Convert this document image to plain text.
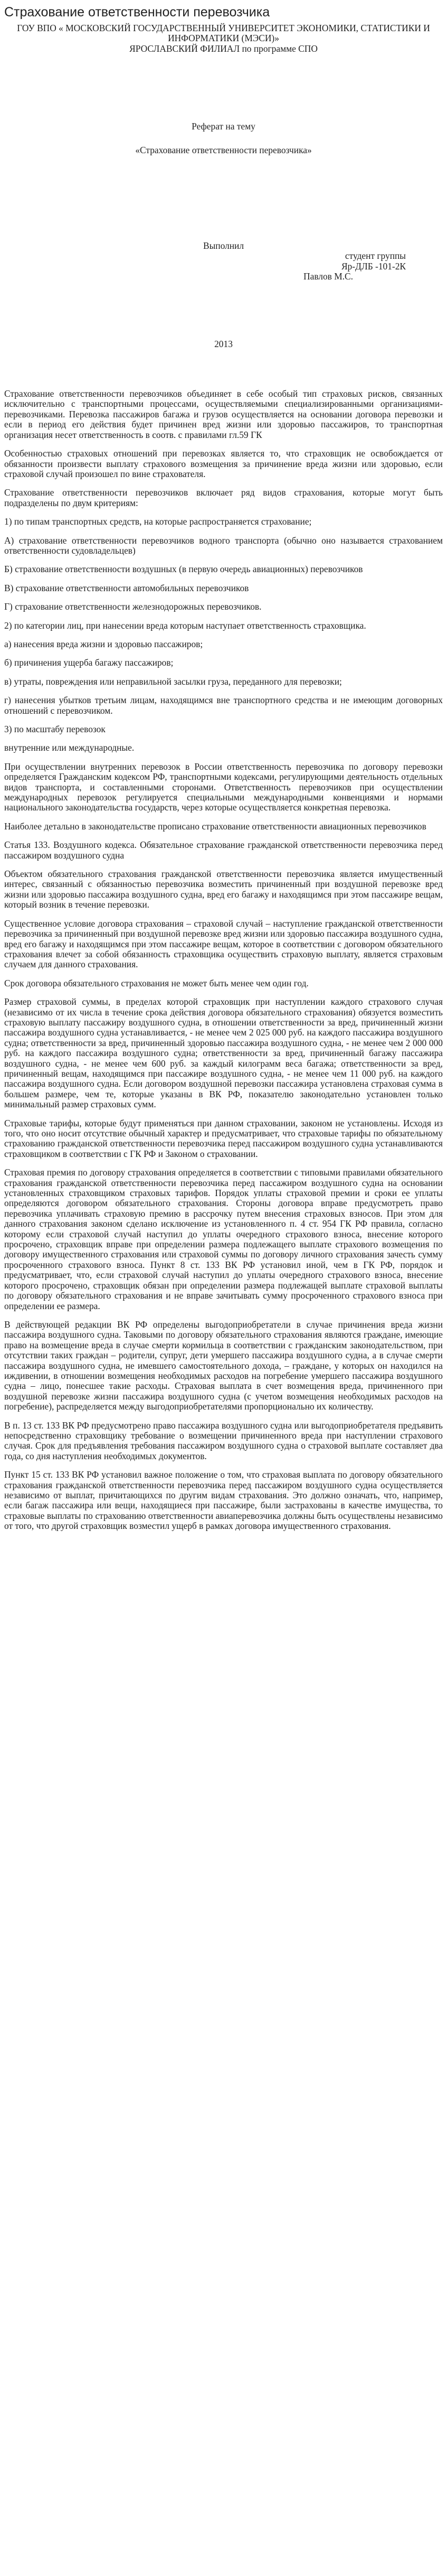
Страхование ответственности перевозчика

ГОУ ВПО « МОСКОВСКИЙ ГОСУДАРСТВЕННЫЙ УНИВЕРСИТЕТ ЭКОНОМИКИ, СТАТИСТИКИ И ИНФОРМАТИКИ (МЭСИ)»

ЯРОСЛАВСКИЙ ФИЛИАЛ по программе СПО

Реферат на тему

«Страхование ответственности перевозчика»

Выполнил

студент группы

Яр-ДЛБ -101-2К

Павлов М.С.

2013

Страхование ответственности перевозчиков объединяет в себе особый тип страховых рисков, связанных исключительно с транспортными процессами, осуществляемыми специализированными организациями- перевозчиками. Перевозка пассажиров багажа и грузов осуществляется на основании договора перевозки и если в период его действия будет причинен вред жизни или здоровью пассажиров, то транспортная организация несет ответственность в соотв. с правилами гл.59 ГК

Особенностью страховых отношений при перевозках является то, что страховщик не освобождается от обязанности произвести выплату страхового возмещения за причинение вреда жизни или здоровью, если страховой случай произошел по вине страхователя.

Страхование ответственности перевозчиков включает ряд видов страхования, которые могут быть подразделены по двум критериям:

1) по типам транспортных средств, на которые распространяется страхование;

A) страхование ответственности перевозчиков водного транспорта (обычно оно называется страхованием ответственности судовладельцев)

Б) страхование ответственности воздушных (в первую очередь авиационных) перевозчиков

В) страхование ответственности автомобильных перевозчиков

Г) страхование ответственности железнодорожных перевозчиков.

2) по категории лиц, при нанесении вреда которым наступает ответственность страховщика.

а) нанесения вреда жизни и здоровью пассажиров;

б) причинения ущерба багажу пассажиров;

в) утраты, повреждения или неправильной засылки груза, переданного для перевозки;

г) нанесения убытков третьим лицам, находящимся вне транспортного средства и не имеющим договорных отношений с перевозчиком.

3) по масштабу перевозок

внутренние или международные.

При осуществлении внутренних перевозок в России ответственность перевозчика по договору перевозки определяется Гражданским кодексом РФ, транспортными кодексами, регулирующими деятельность отдельных видов транспорта, и составленными сторонами. Ответственность перевозчиков при осуществлении международных перевозок регулируется специальными международными конвенциями и нормами национального законодательства государств, через которые осуществляется конкретная перевозка.

Наиболее детально в законодательстве прописано страхование ответственности авиационных перевозчиков

Статья 133. Воздушного кодекса. Обязательное страхование гражданской ответственности перевозчика перед пассажиром воздушного судна

Объектом обязательного страхования гражданской ответственности перевозчика является имущественный интерес, связанный с обязанностью перевозчика возместить причиненный при воздушной перевозке вред жизни или здоровью пассажира воздушного судна, вред его багажу и находящимся при этом пассажире вещам, который возник в течение перевозки.

Существенное условие договора страхования – страховой случай – наступление гражданской ответственности перевозчика за причиненный при воздушной перевозке вред жизни или здоровью пассажира воздушного судна, вред его багажу и находящимся при этом пассажире вещам, которое в соответствии с договором обязательного страхования влечет за собой обязанность страховщика осуществить страховую выплату, является страховым случаем для данного страхования.

Срок договора обязательного страхования не может быть менее чем один год.

Размер страховой суммы, в пределах которой страховщик при наступлении каждого страхового случая (независимо от их числа в течение срока действия договора обязательного страхования) обязуется возместить страховую выплату пассажиру воздушного судна, в отношении ответственности за вред, причиненный жизни пассажира воздушного судна устанавливается, - не менее чем 2 025 000 руб. на каждого пассажира воздушного судна; ответственности за вред, причиненный здоровью пассажира воздушного судна, - не менее чем 2 000 000 руб. на каждого пассажира воздушного судна; ответственности за вред, причиненный багажу пассажира воздушного судна, - не менее чем 600 руб. за каждый килограмм веса багажа; ответственности за вред, причиненный вещам, находящимся при пассажире воздушного судна, - не менее чем 11 000 руб. на каждого пассажира воздушного судна. Если договором воздушной перевозки пассажира установлена страховая сумма в большем размере, чем те, которые указаны в ВК РФ, показателю законодательно установлен только минимальный размер страховых сумм.

Страховые тарифы, которые будут применяться при данном страховании, законом не установлены. Исходя из того, что оно носит отсутствие обычный характер и предусматривает, что страховые тарифы по обязательному страхованию гражданской ответственности перевозчика перед пассажиром воздушного судна устанавливаются страховщиком в соответствии с ГК РФ и Законом о страховании.

Страховая премия по договору страхования определяется в соответствии с типовыми правилами обязательного страхования гражданской ответственности перевозчика перед пассажиром воздушного судна на основании установленных страховщиком страховых тарифов. Порядок уплаты страховой премии и сроки ее уплаты определяются договором обязательного страхования. Стороны договора вправе предусмотреть право перевозчика уплачивать страховую премию в рассрочку путем внесения страховых взносов. При этом для данного страхования законом сделано исключение из установленного п. 4 ст. 954 ГК РФ правила, согласно которому если страховой случай наступил до уплаты очередного страхового взноса, внесение которого просрочено, страховщик вправе при определении размера подлежащего выплате страхового возмещения по договору имущественного страхования или страховой суммы по договору личного страхования зачесть сумму просроченного страхового взноса. Пункт 8 ст. 133 ВК РФ установил иной, чем в ГК РФ, порядок и предусматривает, что, если страховой случай наступил до уплаты очередного страхового взноса, внесение которого просрочено, страховщик обязан при определении размера подлежащей выплате страховой выплаты по договору обязательного страхования и не вправе зачитывать сумму просроченного страхового взноса при определении ее размера.

В действующей редакции ВК РФ определены выгодоприобретатели в случае причинения вреда жизни пассажира воздушного судна. Таковыми по договору обязательного страхования являются граждане, имеющие право на возмещение вреда в случае смерти кормильца в соответствии с гражданским законодательством, при отсутствии таких граждан – родители, супруг, дети умершего пассажира воздушного судна, а в случае смерти пассажира воздушного судна, не имевшего самостоятельного дохода, – граждане, у которых он находился на иждивении, в отношении возмещения необходимых расходов на погребение умершего пассажира воздушного судна – лицо, понесшее такие расходы. Страховая выплата в счет возмещения вреда, причиненного при воздушной перевозке жизни пассажира воздушного судна (с учетом возмещения необходимых расходов на погребение), распределяется между выгодоприобретателями пропорционально их количеству.

В п. 13 ст. 133 ВК РФ предусмотрено право пассажира воздушного судна или выгодоприобретателя предъявить непосредственно страховщику требование о возмещении причиненного вреда при наступлении страхового случая. Срок для предъявления требования пассажиром воздушного судна о страховой выплате составляет два года, со дня наступления необходимых документов.

Пункт 15 ст. 133 ВК РФ установил важное положение о том, что страховая выплата по договору обязательного страхования гражданской ответственности перевозчика перед пассажиром воздушного судна осуществляется независимо от выплат, причитающихся по другим видам страхования. Это должно означать, что, например, если багаж пассажира или вещи, находящиеся при пассажире, были застрахованы в качестве имущества, то страховые выплаты по страхованию ответственности авиаперевозчика должны быть осуществлены независимо от того, что другой страховщик возместил ущерб в рамках договора имущественного страхования.
